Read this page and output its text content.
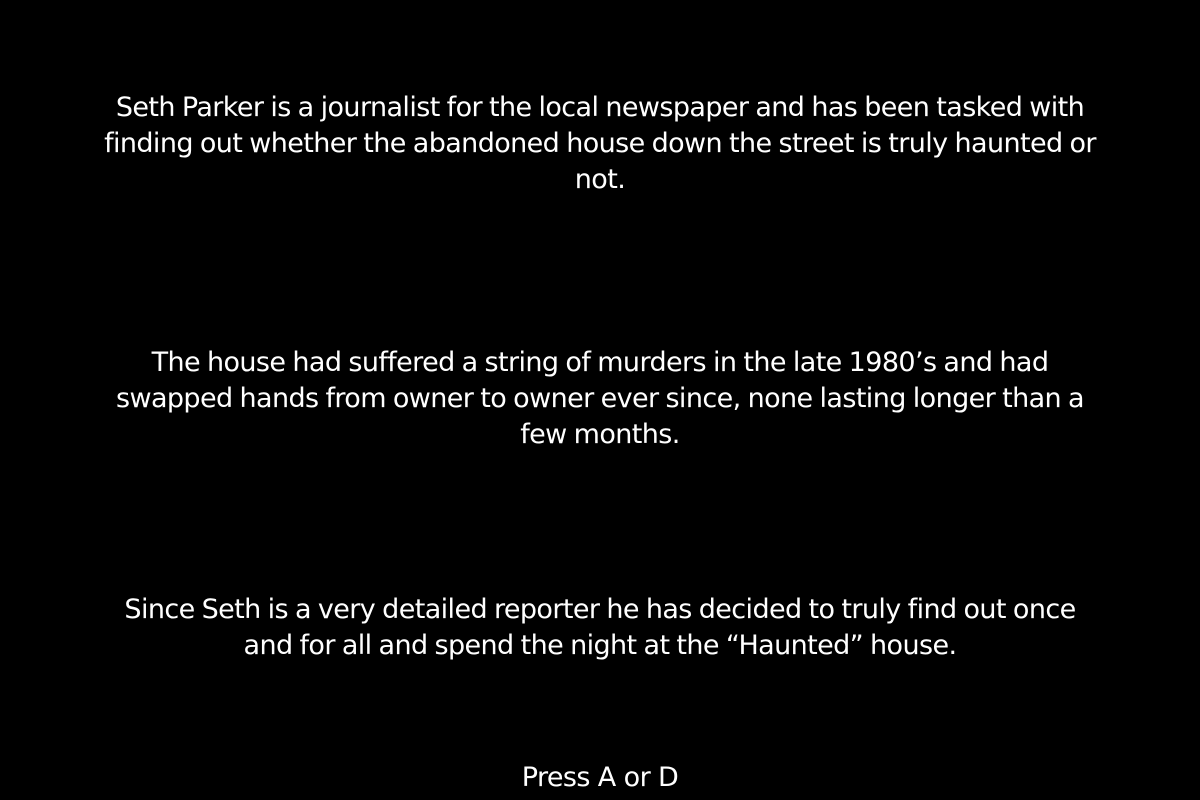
Seth Parker is a journalist for the local newspaper and has been tasked with finding out whether the abandoned house down the street is truly haunted or not.

The house had suffered a string of murders in the late 1980’s and had swapped hands from owner to owner ever since, none lasting longer than a few months.

Since Seth is a very detailed reporter he has decided to truly find out once and for all and spend the night at the “Haunted” house.

Press A or D
